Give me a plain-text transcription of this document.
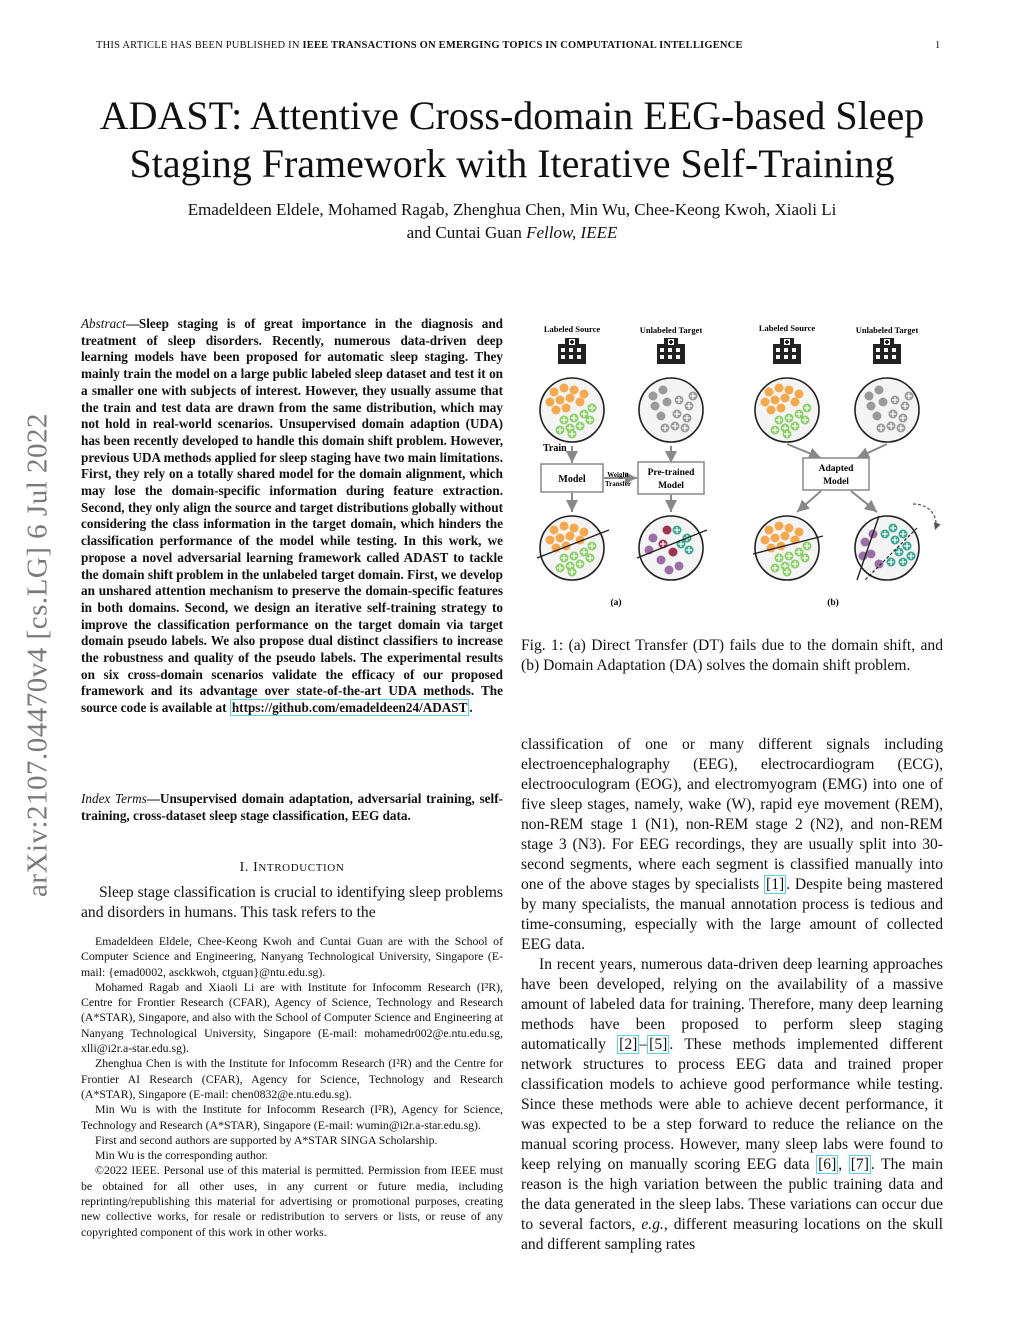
THIS ARTICLE HAS BEEN PUBLISHED IN IEEE TRANSACTIONS ON EMERGING TOPICS IN COMPUTATIONAL INTELLIGENCE	1
ADAST: Attentive Cross-domain EEG-based Sleep
Staging Framework with Iterative Self-Training
Emadeldeen Eldele, Mohamed Ragab, Zhenghua Chen, Min Wu, Chee-Keong Kwoh, Xiaoli Li
and Cuntai Guan Fellow, IEEE
arXiv:2107.04470v4 [cs.LG] 6 Jul 2022
Abstract—Sleep staging is of great importance in the diagnosis and treatment of sleep disorders. Recently, numerous data-driven deep learning models have been proposed for automatic sleep staging. They mainly train the model on a large public labeled sleep dataset and test it on a smaller one with subjects of interest. However, they usually assume that the train and test data are drawn from the same distribution, which may not hold in real-world scenarios. Unsupervised domain adaption (UDA) has been recently developed to handle this domain shift problem. However, previous UDA methods applied for sleep staging have two main limitations. First, they rely on a totally shared model for the domain alignment, which may lose the domain-specific information during feature extraction. Second, they only align the source and target distributions globally without considering the class information in the target domain, which hinders the classification performance of the model while testing. In this work, we propose a novel adversarial learning framework called ADAST to tackle the domain shift problem in the unlabeled target domain. First, we develop an unshared attention mechanism to preserve the domain-specific features in both domains. Second, we design an iterative self-training strategy to improve the classification performance on the target domain via target domain pseudo labels. We also propose dual distinct classifiers to increase the robustness and quality of the pseudo labels. The experimental results on six cross-domain scenarios validate the efficacy of our proposed framework and its advantage over state-of-the-art UDA methods. The source code is available at https://github.com/emadeldeen24/ADAST .
Index Terms—Unsupervised domain adaptation, adversarial training, self-training, cross-dataset sleep stage classification, EEG data.
I. INTRODUCTION
Sleep stage classification is crucial to identifying sleep problems and disorders in humans. This task refers to the

Emadeldeen Eldele, Chee-Keong Kwoh and Cuntai Guan are with the School of Computer Science and Engineering, Nanyang Technological University, Singapore (E-mail: {emad0002, asckkwoh, ctguan}@ntu.edu.sg).

Mohamed Ragab and Xiaoli Li are with Institute for Infocomm Research (I²R), Centre for Frontier Research (CFAR), Agency of Science, Technology and Research (A*STAR), Singapore, and also with the School of Computer Science and Engineering at Nanyang Technological University, Singapore (E-mail: mohamedr002@e.ntu.edu.sg, xlli@i2r.a-star.edu.sg).

Zhenghua Chen is with the Institute for Infocomm Research (I²R) and the Centre for Frontier AI Research (CFAR), Agency for Science, Technology and Research (A*STAR), Singapore (E-mail: chen0832@e.ntu.edu.sg).

Min Wu is with the Institute for Infocomm Research (I²R), Agency for Science, Technology and Research (A*STAR), Singapore (E-mail: wumin@i2r.a-star.edu.sg).

First and second authors are supported by A*STAR SINGA Scholarship.

Min Wu is the corresponding author.

©2022 IEEE. Personal use of this material is permitted. Permission from IEEE must be obtained for all other uses, in any current or future media, including reprinting/republishing this material for advertising or promotional purposes, creating new collective works, for resale or redistribution to servers or lists, or reuse of any copyrighted component of this work in other works.

Labeled Source	Unlabeled Target	Labeled Source	Unlabeled Target
Train
Model	Weight
Transfer
Pre-trained
Model
Adapted
Model
(a)	(b)
Fig. 1: (a) Direct Transfer (DT) fails due to the domain shift, and (b) Domain Adaptation (DA) solves the domain shift problem.

classification of one or many different signals including electroencephalography (EEG), electrocardiogram (ECG), electrooculogram (EOG), and electromyogram (EMG) into one of five sleep stages, namely, wake (W), rapid eye movement (REM), non-REM stage 1 (N1), non-REM stage 2 (N2), and non-REM stage 3 (N3). For EEG recordings, they are usually split into 30-second segments, where each segment is classified manually into one of the above stages by specialists [1] . Despite being mastered by many specialists, the manual annotation process is tedious and time-consuming, especially with the large amount of collected EEG data.

In recent years, numerous data-driven deep learning approaches have been developed, relying on the availability of a massive amount of labeled data for training. Therefore, many deep learning methods have been proposed to perform sleep staging automatically [2] – [5] . These methods implemented different network structures to process EEG data and trained proper classification models to achieve good performance while testing. Since these methods were able to achieve decent performance, it was expected to be a step forward to reduce the reliance on the manual scoring process. However, many sleep labs were found to keep relying on manually scoring EEG data [6] , [7] . The main reason is the high variation between the public training data and the data generated in the sleep labs. These variations can occur due to several factors, e.g., different measuring locations on the skull and different sampling rates
